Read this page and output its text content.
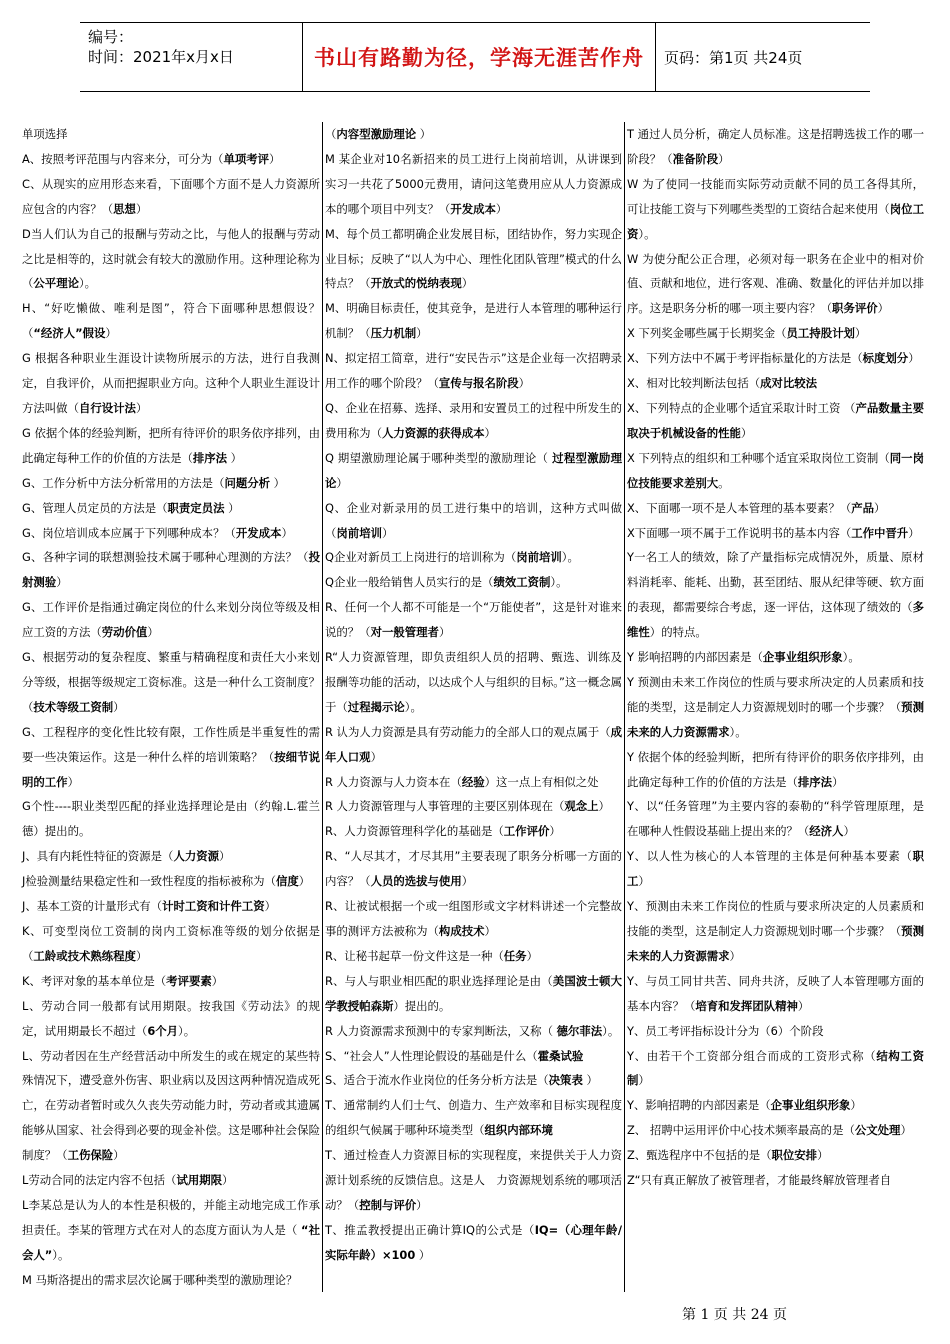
编号：
时间：2021年x月x日	书山有路勤为径，学海无涯苦作舟	页码：第1页 共24页

单项选择

A、按照考评范围与内容来分，可分为（单项考评）

C、从现实的应用形态来看，下面哪个方面不是人力资源所应包含的内容？（思想）

D当人们认为自己的报酬与劳动之比，与他人的报酬与劳动之比是相等的，这时就会有较大的激励作用。这种理论称为（公平理论）。

H、“好吃懒做、唯利是图”，符合下面哪种思想假设？（“经济人”假设）

G 根据各种职业生涯设计读物所展示的方法，进行自我测定，自我评价，从而把握职业方向。这种个人职业生涯设计方法叫做（自行设计法）

G 依据个体的经验判断，把所有待评价的职务依序排列，由此确定每种工作的价值的方法是（排序法 ）

G、工作分析中方法分析常用的方法是（问题分析 ）

G、管理人员定员的方法是（职责定员法 ）

G、岗位培训成本应属于下列哪种成本？（开发成本）

G、各种字词的联想测验技术属于哪种心理测的方法？（投射测验）

G、工作评价是指通过确定岗位的什么来划分岗位等级及相应工资的方法（劳动价值）

G、根据劳动的复杂程度、繁重与精确程度和责任大小来划分等级，根据等级规定工资标准。这是一种什么工资制度？（技术等级工资制）

G、工程程序的变化性比较有限，工作性质是半重复性的需要一些决策运作。这是一种什么样的培训策略？（按细节说明的工作）

G个性----职业类型匹配的择业选择理论是由（约翰.L.霍兰德）提出的。

J、具有内耗性特征的资源是（人力资源）

J检验测量结果稳定性和一致性程度的指标被称为（信度）

J、基本工资的计量形式有（计时工资和计件工资）

K、可变型岗位工资制的岗内工资标准等级的划分依据是（工龄或技术熟练程度）

K、考评对象的基本单位是（考评要素）

L、劳动合同一般都有试用期限。按我国《劳动法》的规定，试用期最长不超过（6个月）。

L、劳动者因在生产经营活动中所发生的或在规定的某些特殊情况下，遭受意外伤害、职业病以及因这两种情况造成死亡，在劳动者暂时或久久丧失劳动能力时，劳动者或其遗属能够从国家、社会得到必要的现金补偿。这是哪种社会保险制度？（工伤保险）

L劳动合同的法定内容不包括（试用期限）

L李某总是认为人的本性是积极的，并能主动地完成工作承担责任。李某的管理方式在对人的态度方面认为人是（ “社会人”）。

M 马斯洛提出的需求层次论属于哪种类型的激励理论？

（内容型激励理论 ）

M 某企业对10名新招来的员工进行上岗前培训，从讲课到实习一共花了5000元费用，请问这笔费用应从人力资源成本的哪个项目中列支？（开发成本）

M、每个员工都明确企业发展目标，团结协作，努力实现企业目标；反映了“以人为中心、理性化团队管理”模式的什么特点？（开放式的悦纳表现）

M、明确目标责任，使其竞争，是进行人本管理的哪种运行机制？（压力机制）

N、拟定招工简章，进行“安民告示”这是企业每一次招聘录用工作的哪个阶段？（宣传与报名阶段）

Q、企业在招募、选择、录用和安置员工的过程中所发生的费用称为（人力资源的获得成本）

Q 期望激励理论属于哪种类型的激励理论（ 过程型激励理论）

Q、企业对新录用的员工进行集中的培训，这种方式叫做（岗前培训）

Q企业对新员工上岗进行的培训称为（岗前培训）。

Q企业一般给销售人员实行的是（绩效工资制）。

R、任何一个人都不可能是一个“万能使者”，这是针对谁来说的？（对一般管理者）

R“人力资源管理，即负责组织人员的招聘、甄选、训练及报酬等功能的活动，以达成个人与组织的目标。”这一概念属于（过程揭示论）。

R 认为人力资源是具有劳动能力的全部人口的观点属于（成年人口观）

R 人力资源与人力资本在（经验）这一点上有相似之处

R 人力资源管理与人事管理的主要区别体现在（观念上）

R、人力资源管理科学化的基础是（工作评价）

R、“人尽其才，才尽其用”主要表现了职务分析哪一方面的内容？（人员的选拔与使用）

R、让被试根据一个或一组图形或文字材料讲述一个完整故事的测评方法被称为（构成技术）

R、让秘书起草一份文件这是一种（任务）

R、与人与职业相匹配的职业选择理论是由（美国波士顿大学教授帕森斯）提出的。

R 人力资源需求预测中的专家判断法，又称（ 德尔菲法）。

S、“社会人”人性理论假设的基础是什么（霍桑试验

S、适合于流水作业岗位的任务分析方法是（决策表 ）

T、通常制约人们士气、创造力、生产效率和目标实现程度的组织气候属于哪种环境类型（组织内部环境

T、通过检查人力资源目标的实现程度，来提供关于人力资源计划系统的反馈信息。这是人　力资源规划系统的哪项活动？（控制与评价）

T、推孟教授提出正确计算IQ的公式是（IQ=（心理年龄/实际年龄）×100 ）

T 通过人员分析，确定人员标准。这是招聘选拔工作的哪一阶段？（准备阶段）

W 为了使同一技能而实际劳动贡献不同的员工各得其所，可让技能工资与下列哪些类型的工资结合起来使用（岗位工资）。

W 为使分配公正合理，必须对每一职务在企业中的相对价值、贡献和地位，进行客观、准确、数量化的评估并加以排序。这是职务分析的哪一项主要内容？（职务评价）

X 下列奖金哪些属于长期奖金（员工持股计划）

X、下列方法中不属于考评指标量化的方法是（标度划分）

X、相对比较判断法包括（成对比较法

X、下列特点的企业哪个适宜采取计时工资 （产品数量主要取决于机械设备的性能）

X 下列特点的组织和工种哪个适宜采取岗位工资制（同一岗位技能要求差别大。

X、下面哪一项不是人本管理的基本要素？（产品）

X下面哪一项不属于工作说明书的基本内容（工作中晋升）

Y一名工人的绩效，除了产量指标完成情况外，质量、原材料消耗率、能耗、出勤，甚至团结、服从纪律等硬、软方面的表现，都需要综合考虑，逐一评估，这体现了绩效的（多维性）的特点。

Y 影响招聘的内部因素是（企事业组织形象）。

Y 预测由未来工作岗位的性质与要求所决定的人员素质和技能的类型，这是制定人力资源规划时的哪一个步骤？（预测未来的人力资源需求）。

Y 依据个体的经验判断，把所有待评价的职务依序排列，由此确定每种工作的价值的方法是（排序法）

Y、以“任务管理”为主要内容的泰勒的“科学管理原理，是在哪种人性假设基础上提出来的？（经济人）

Y、以人性为核心的人本管理的主体是何种基本要素（职工）

Y、预测由未来工作岗位的性质与要求所决定的人员素质和技能的类型，这是制定人力资源规划时哪一个步骤？（预测未来的人力资源需求）

Y、与员工同甘共苦、同舟共济，反映了人本管理哪方面的基本内容？（培育和发挥团队精神）

Y、员工考评指标设计分为（6）个阶段

Y、由若干个工资部分组合而成的工资形式称（结构工资制）

Y、影响招聘的内部因素是（企事业组织形象）

Z、 招聘中运用评价中心技术频率最高的是（公文处理）

Z、甄选程序中不包括的是（职位安排）

Z“只有真正解放了被管理者，才能最终解放管理者自

第 1 页 共 24 页
